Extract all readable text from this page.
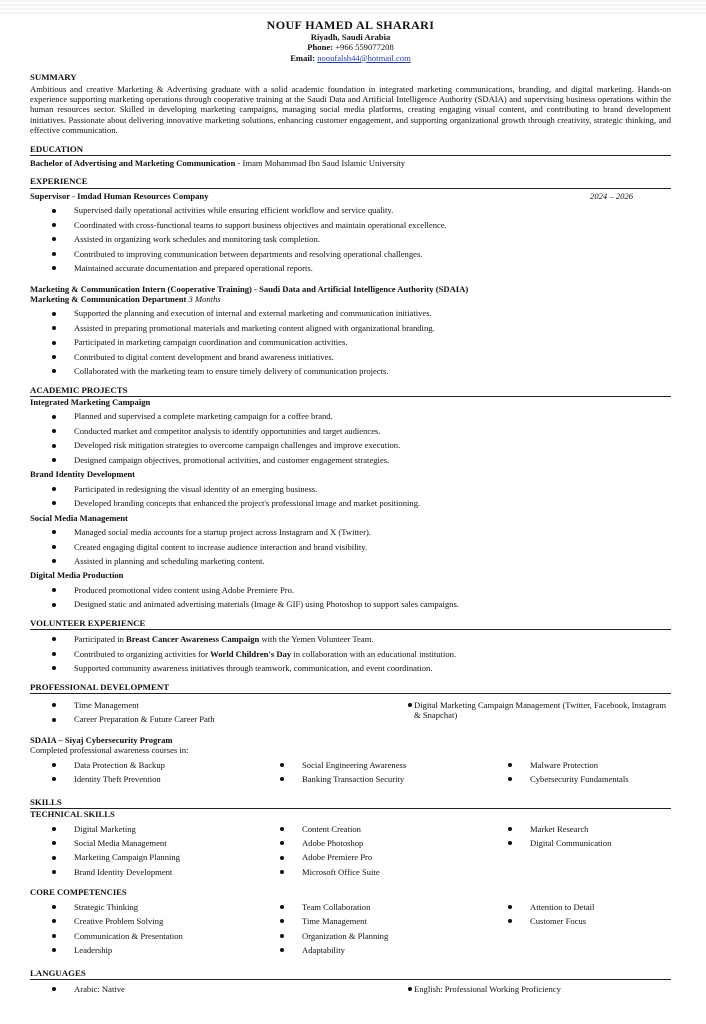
NOUF HAMED AL SHARARI
Riyadh, Saudi Arabia
Phone: +966 559077208
Email: nooufalsh44@hotmail.com
SUMMARY

Ambitious and creative Marketing & Advertising graduate with a solid academic foundation in integrated marketing communications, branding, and digital marketing. Hands-on experience supporting marketing operations through cooperative training at the Saudi Data and Artificial Intelligence Authority (SDAIA) and supervising business operations within the human resources sector. Skilled in developing marketing campaigns, managing social media platforms, creating engaging visual content, and contributing to brand development initiatives. Passionate about delivering innovative marketing solutions, enhancing customer engagement, and supporting organizational growth through creativity, strategic thinking, and effective communication.

EDUCATION
Bachelor of Advertising and Marketing Communication - Imam Mohammad Ibn Saud Islamic University
EXPERIENCE
Supervisor - Imdad Human Resources Company	2024 – 2026
Supervised daily operational activities while ensuring efficient workflow and service quality.
Coordinated with cross-functional teams to support business objectives and maintain operational excellence.
Assisted in organizing work schedules and monitoring task completion.
Contributed to improving communication between departments and resolving operational challenges.
Maintained accurate documentation and prepared operational reports.
Marketing & Communication Intern (Cooperative Training) - Saudi Data and Artificial Intelligence Authority (SDAIA)
Marketing & Communication Department 3 Months
Supported the planning and execution of internal and external marketing and communication initiatives.
Assisted in preparing promotional materials and marketing content aligned with organizational branding.
Participated in marketing campaign coordination and communication activities.
Contributed to digital content development and brand awareness initiatives.
Collaborated with the marketing team to ensure timely delivery of communication projects.
ACADEMIC PROJECTS
Integrated Marketing Campaign
Planned and supervised a complete marketing campaign for a coffee brand.
Conducted market and competitor analysis to identify opportunities and target audiences.
Developed risk mitigation strategies to overcome campaign challenges and improve execution.
Designed campaign objectives, promotional activities, and customer engagement strategies.
Brand Identity Development
Participated in redesigning the visual identity of an emerging business.
Developed branding concepts that enhanced the project's professional image and market positioning.
Social Media Management
Managed social media accounts for a startup project across Instagram and X (Twitter).
Created engaging digital content to increase audience interaction and brand visibility.
Assisted in planning and scheduling marketing content.
Digital Media Production
Produced promotional video content using Adobe Premiere Pro.
Designed static and animated advertising materials (Image & GIF) using Photoshop to support sales campaigns.
VOLUNTEER EXPERIENCE
Participated in Breast Cancer Awareness Campaign with the Yemen Volunteer Team.
Contributed to organizing activities for World Children's Day in collaboration with an educational institution.
Supported community awareness initiatives through teamwork, communication, and event coordination.
PROFESSIONAL DEVELOPMENT
Time Management
Career Preparation & Future Career Path
Digital Marketing Campaign Management (Twitter, Facebook, Instagram & Snapchat)
SDAIA – Siyaj Cybersecurity Program
Completed professional awareness courses in:
Data Protection & Backup
Identity Theft Prevention
Social Engineering Awareness
Banking Transaction Security
Malware Protection
Cybersecurity Fundamentals
SKILLS
TECHNICAL SKILLS
Digital Marketing
Social Media Management
Marketing Campaign Planning
Brand Identity Development
Content Creation
Adobe Photoshop
Adobe Premiere Pro
Microsoft Office Suite
Market Research
Digital Communication
CORE COMPETENCIES
Strategic Thinking
Creative Problem Solving
Communication & Presentation
Leadership
Team Collaboration
Time Management
Organization & Planning
Adaptability
Attention to Detail
Customer Focus
LANGUAGES
Arabic: Native	English: Professional Working Proficiency
